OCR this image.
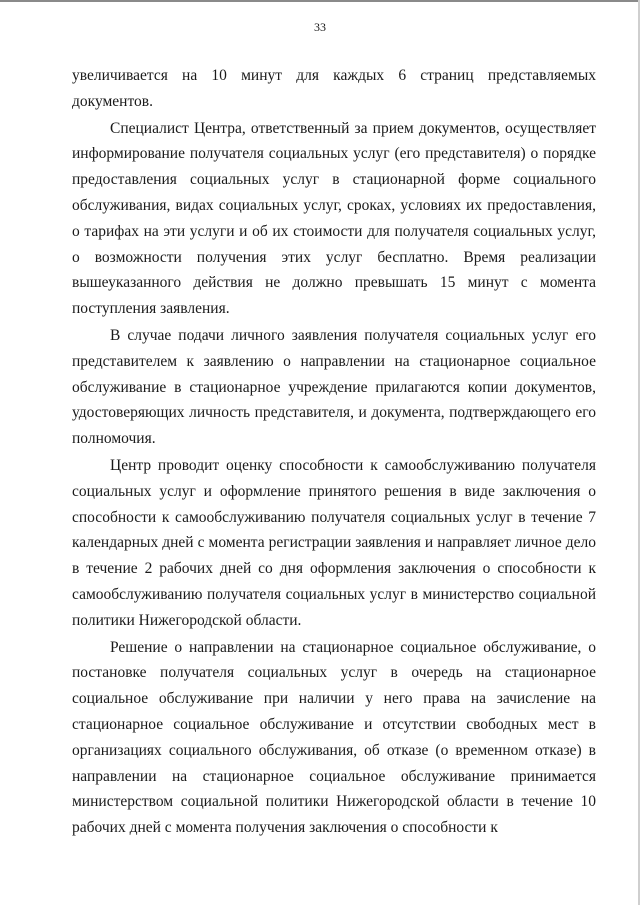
33

увеличивается на 10 минут для каждых 6 страниц представляемых документов.

Специалист Центра, ответственный за прием документов, осуществляет информирование получателя социальных услуг (его представителя) о порядке предоставления социальных услуг в стационарной форме социального обслуживания, видах социальных услуг, сроках, условиях их предоставления, о тарифах на эти услуги и об их стоимости для получателя социальных услуг, о возможности получения этих услуг бесплатно. Время реализации вышеуказанного действия не должно превышать 15 минут с момента поступления заявления.

В случае подачи личного заявления получателя социальных услуг его представителем к заявлению о направлении на стационарное социальное обслуживание в стационарное учреждение прилагаются копии документов, удостоверяющих личность представителя, и документа, подтверждающего его полномочия.

Центр проводит оценку способности к самообслуживанию получателя социальных услуг и оформление принятого решения в виде заключения о способности к самообслуживанию получателя социальных услуг в течение 7 календарных дней с момента регистрации заявления и направляет личное дело в течение 2 рабочих дней со дня оформления заключения о способности к самообслуживанию получателя социальных услуг в министерство социальной политики Нижегородской области.

Решение о направлении на стационарное социальное обслуживание, о постановке получателя социальных услуг в очередь на стационарное социальное обслуживание при наличии у него права на зачисление на стационарное социальное обслуживание и отсутствии свободных мест в организациях социального обслуживания, об отказе (о временном отказе) в направлении на стационарное социальное обслуживание принимается министерством социальной политики Нижегородской области в течение 10 рабочих дней с момента получения заключения о способности к
